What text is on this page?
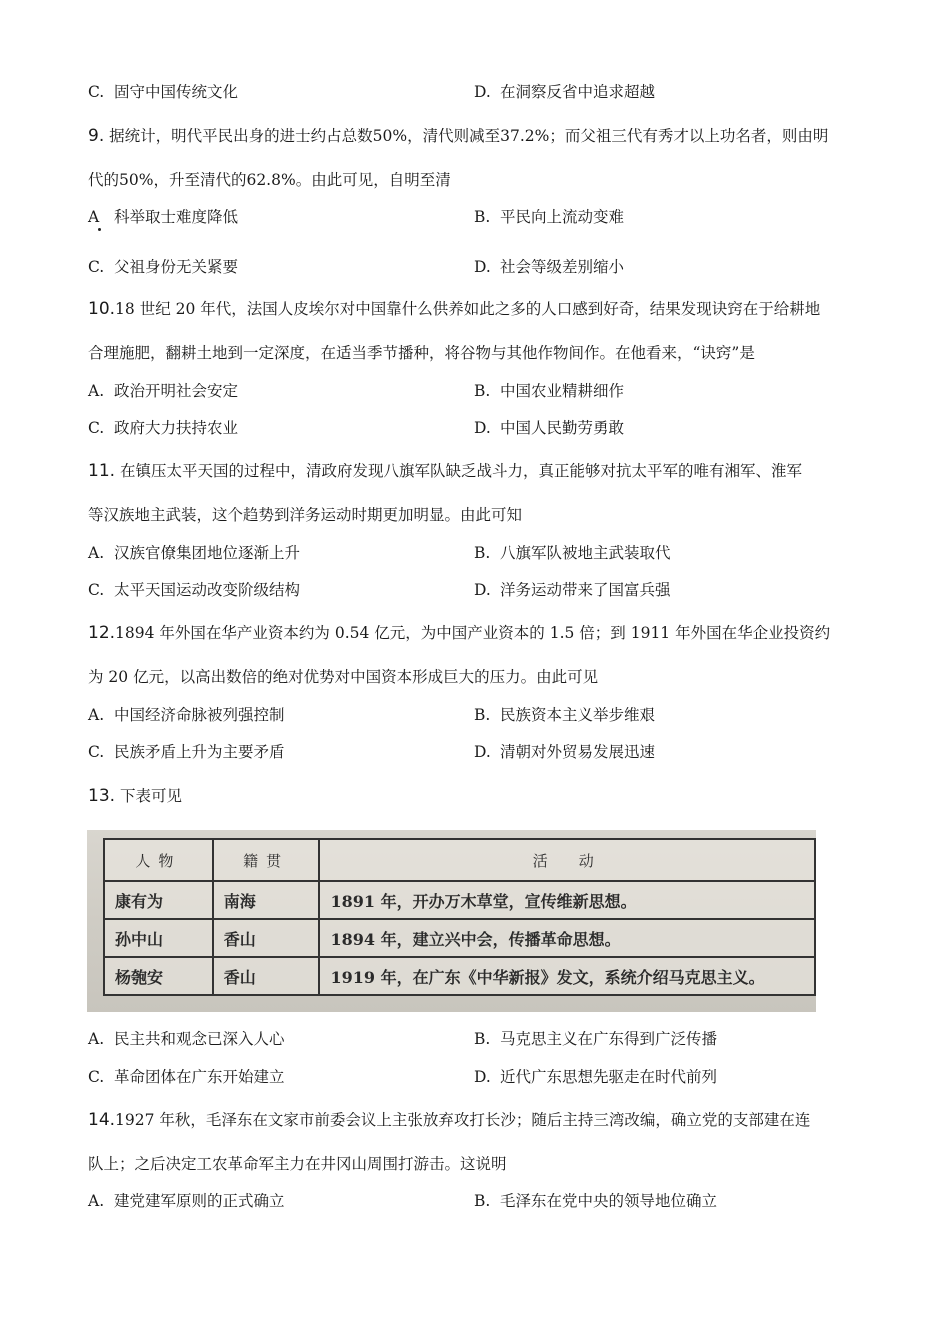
C. 固守中国传统文化	D. 在洞察反省中追求超越
9. 据统计，明代平民出身的进士约占总数50%，清代则减至37.2%；而父祖三代有秀才以上功名者，则由明
代的50%，升至清代的62.8%。由此可见，自明至清
A 科举取士难度降低	B. 平民向上流动变难
C. 父祖身份无关紧要	D. 社会等级差别缩小
10.18 世纪 20 年代，法国人皮埃尔对中国靠什么供养如此之多的人口感到好奇，结果发现诀窍在于给耕地
合理施肥，翻耕土地到一定深度，在适当季节播种，将谷物与其他作物间作。在他看来，“诀窍”是
A. 政治开明社会安定	B. 中国农业精耕细作
C. 政府大力扶持农业	D. 中国人民勤劳勇敢
11. 在镇压太平天国的过程中，清政府发现八旗军队缺乏战斗力，真正能够对抗太平军的唯有湘军、淮军
等汉族地主武装，这个趋势到洋务运动时期更加明显。由此可知
A. 汉族官僚集团地位逐渐上升	B. 八旗军队被地主武装取代
C. 太平天国运动改变阶级结构	D. 洋务运动带来了国富兵强
12.1894 年外国在华产业资本约为 0.54 亿元，为中国产业资本的 1.5 倍；到 1911 年外国在华企业投资约
为 20 亿元，以高出数倍的绝对优势对中国资本形成巨大的压力。由此可见
A. 中国经济命脉被列强控制	B. 民族资本主义举步维艰
C. 民族矛盾上升为主要矛盾	D. 清朝对外贸易发展迅速
13. 下表可见
人物	籍贯	活　动
康有为	南海	1891 年，开办万木草堂，宣传维新思想。
孙中山	香山	1894 年，建立兴中会，传播革命思想。
杨匏安	香山	1919 年，在广东《中华新报》发文，系统介绍马克思主义。
A. 民主共和观念已深入人心	B. 马克思主义在广东得到广泛传播
C. 革命团体在广东开始建立	D. 近代广东思想先驱走在时代前列
14.1927 年秋，毛泽东在文家市前委会议上主张放弃攻打长沙；随后主持三湾改编，确立党的支部建在连
队上；之后决定工农革命军主力在井冈山周围打游击。这说明
A. 建党建军原则的正式确立	B. 毛泽东在党中央的领导地位确立
